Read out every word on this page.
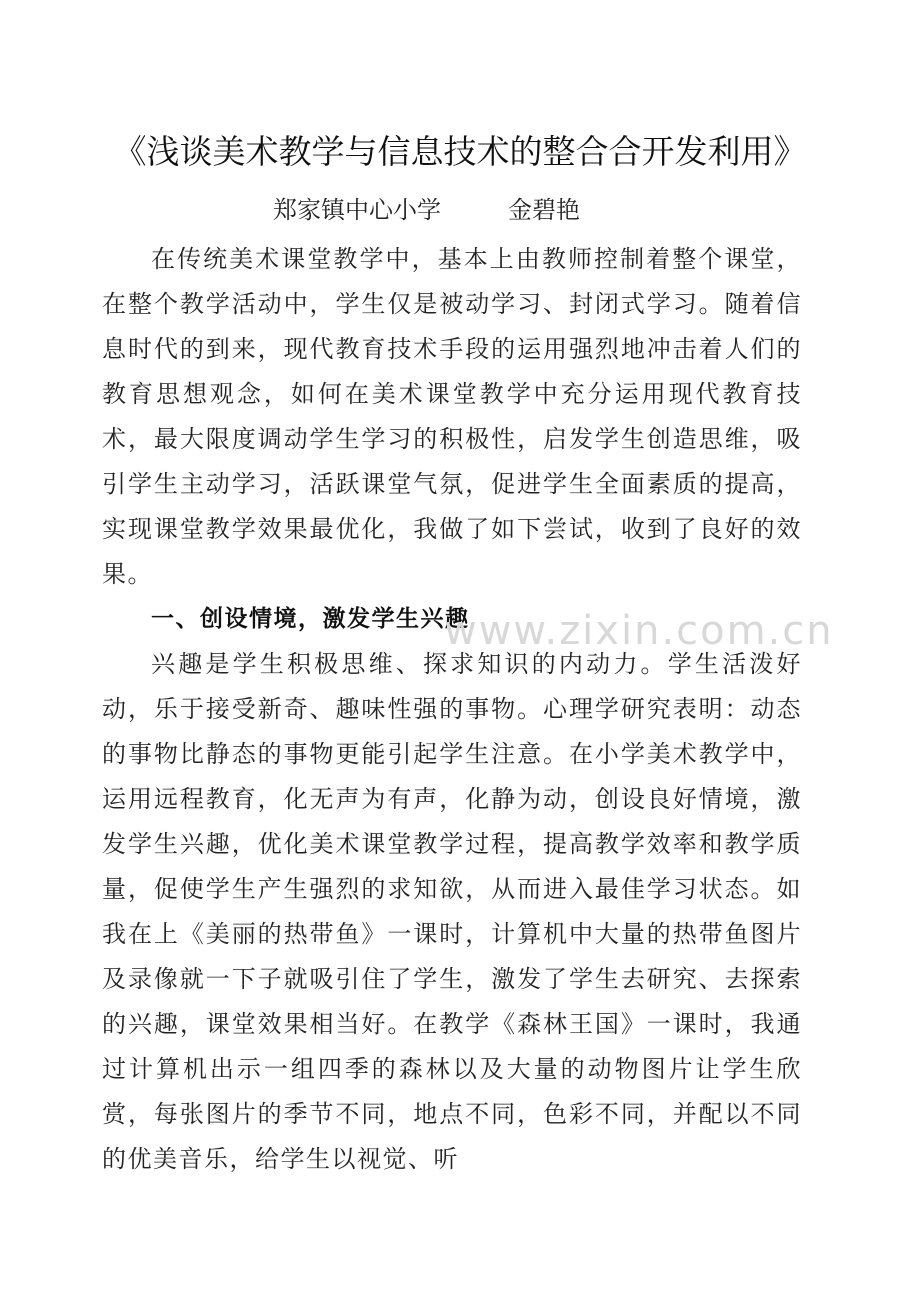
《浅谈美术教学与信息技术的整合合开发利用》
郑家镇中心小学	金碧艳

在传统美术课堂教学中，基本上由教师控制着整个课堂，在整个教学活动中，学生仅是被动学习、封闭式学习。随着信息时代的到来，现代教育技术手段的运用强烈地冲击着人们的教育思想观念，如何在美术课堂教学中充分运用现代教育技术，最大限度调动学生学习的积极性，启发学生创造思维，吸引学生主动学习，活跃课堂气氛，促进学生全面素质的提高，实现课堂教学效果最优化，我做了如下尝试，收到了良好的效果。

一、创设情境，激发学生兴趣

兴趣是学生积极思维、探求知识的内动力。学生活泼好动，乐于接受新奇、趣味性强的事物。心理学研究表明：动态的事物比静态的事物更能引起学生注意。在小学美术教学中，运用远程教育，化无声为有声，化静为动，创设良好情境，激发学生兴趣，优化美术课堂教学过程，提高教学效率和教学质量，促使学生产生强烈的求知欲，从而进入最佳学习状态。如我在上《美丽的热带鱼》一课时，计算机中大量的热带鱼图片及录像就一下子就吸引住了学生，激发了学生去研究、去探索的兴趣，课堂效果相当好。在教学《森林王国》一课时，我通过计算机出示一组四季的森林以及大量的动物图片让学生欣赏，每张图片的季节不同，地点不同，色彩不同，并配以不同的优美音乐，给学生以视觉、听

www.zixin.com.cn
